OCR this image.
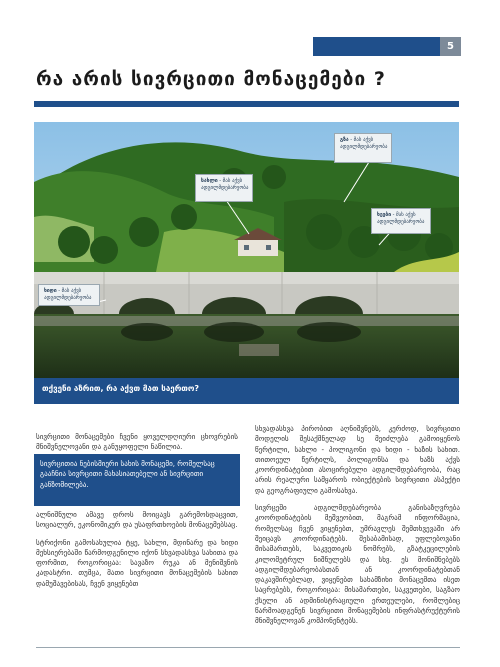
5
რა არის სივრცითი მონაცემები ?
გზა - მას აქვს ადგილმდებარეობა
სახლი - მას აქვს ადგილმდებარეობა
ხეები - მას აქვს ადგილმდებარეობა
ხიდი - მას აქვს ადგილმდებარეობა
თქვენი აზრით, რა აქვთ მათ საერთო?

სივრცითი მონაცემები ჩვენი ყოველდღიური ცხოვრების მნიშვნელოვანი და განუყოფელი ნაწილია.

სივრცითია ნებისმიერი სახის მონაცემი, რომელსაც გააჩნია სივრცითი მახასიათებელი ან სივრცითი განზომილება.

ალნიშნული ამავე დროს მოიცავს გარემოსდაცვით, სოციალურ, ეკონომიკურ და უსაფრთხოების მონაცემებსაც.

სტრიქონი გამოსახულია ტყე, სახლი, მდინარე და ხიდი მეხსიერებაში წარმოდგენილი იქონ სხვადასხვა სახითა და ფორმით, როგორიცაა: სავაზო რუკა ან მენიშვნის კადასტრი. თუმცა, მათი სივრცითი მონაცემების სახით დამუშავებისას, ჩვენ ვიყენებთ

სხვადასხვა პირობით აღნიშვნებს, კერძოდ, სივრცითი მოდელის შესაქმნელად სე მეიძლება გამოიყენოს წერტილი, სახლი - პოლიგონი და ხიდი - ხაზის სახით. თითოეულ წერტილს, პოლიგონსა და ხაზს აქვს კოორდინატებით ასოცირებული ადგილმდებარეობა, რაც არის რეალური სამყაროს ობიექტების სივრცითი ასპექტი და გეოგრაფიული გამოსახვა.

სივრცეში ადგილმდებარეობა განისაზღვრება კოორდინატების მეშვეობით, მაგრამ ინფორმაცია, რომელსაც ჩვენ ვიყენებთ, უმრავლეს შემთხვევაში არ შეიცავს კოორდინატებს. შესაბამისად, უფლებოვანი მისამართებს, საკვეთიკის ნომრებს, გზატკეცილების კილომეტრულ ნიშნულებს და სხვ. ეს მონიშნებებს ადგილმდებარეობასთან ან კოორდინატებთან დაკავშირებლად, ვიყენებთ სახამზიხი მონაცემთა ისეთ საცრებებს, როგორიცაა: მისამართები, საკვეთები, საგზაო ქსელი ან ადმინისტრაციული ერთეულები, რომლებიც წარმოადგენენ სივრცითი მონაცემების ინფრასტრუქტურის მნიშვნელოვან კომპონენტებს.
